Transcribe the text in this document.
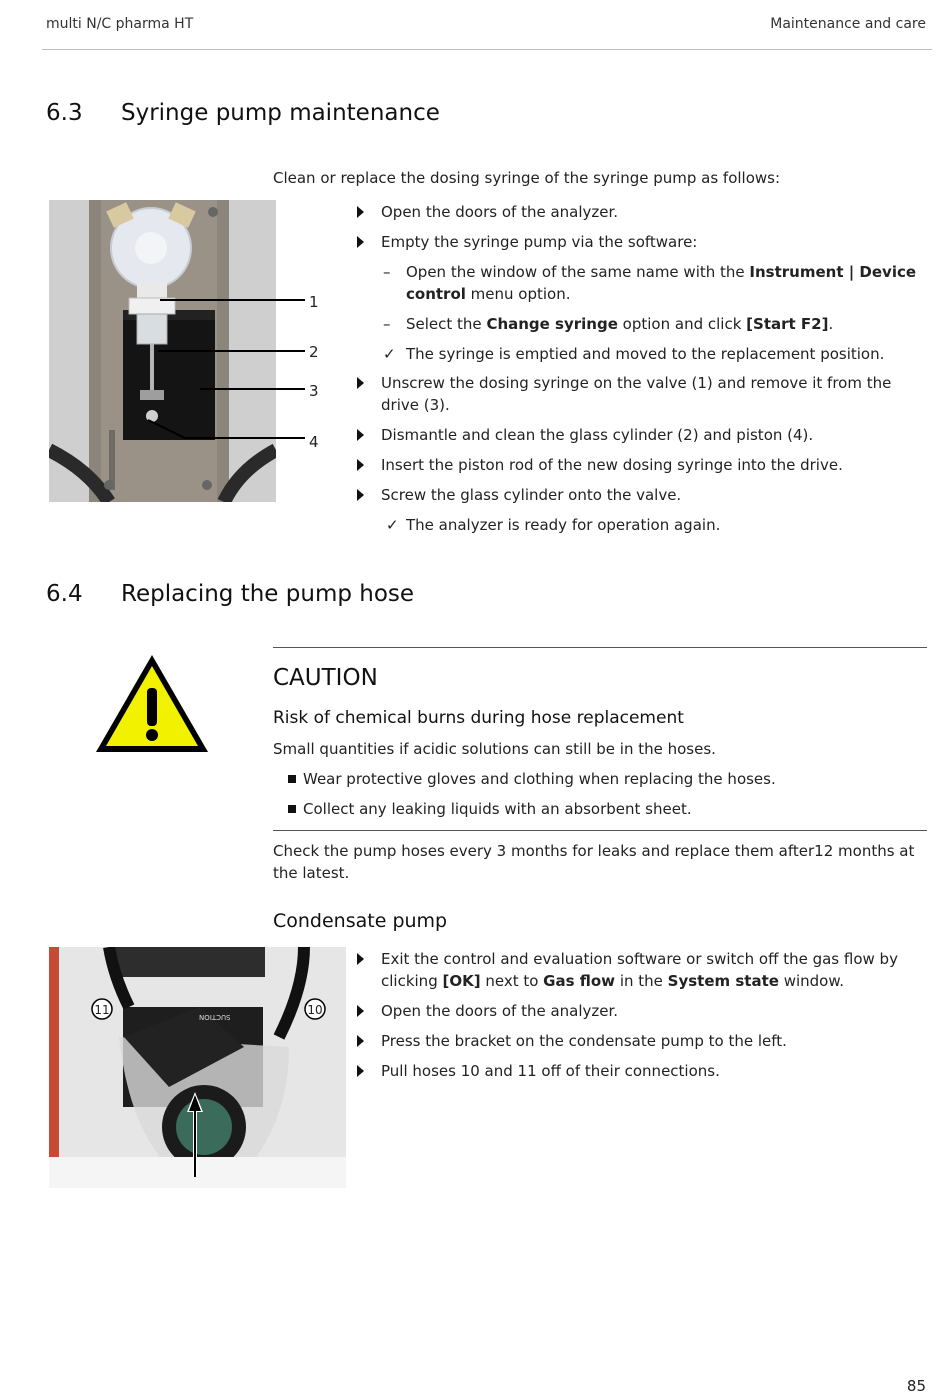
multi N/C pharma HT	Maintenance and care
6.3 Syringe pump maintenance
Clean or replace the dosing syringe of the syringe pump as follows:
1
2
3
4
Open the doors of the analyzer.
Empty the syringe pump via the software:
– Open the window of the same name with the Instrument | Device control menu option.
– Select the Change syringe option and click [Start F2].
✓ The syringe is emptied and moved to the replacement position.
Unscrew the dosing syringe on the valve (1) and remove it from the drive (3).
Dismantle and clean the glass cylinder (2) and piston (4).
Insert the piston rod of the new dosing syringe into the drive.
Screw the glass cylinder onto the valve.
✓ The analyzer is ready for operation again.
6.4 Replacing the pump hose
CAUTION
Risk of chemical burns during hose replacement
Small quantities if acidic solutions can still be in the hoses.
Wear protective gloves and clothing when replacing the hoses.
Collect any leaking liquids with an absorbent sheet.
Check the pump hoses every 3 months for leaks and replace them after12 months at the latest.
Condensate pump
11	10
SUCTION
Exit the control and evaluation software or switch off the gas flow by clicking [OK] next to Gas flow in the System state window.
Open the doors of the analyzer.
Press the bracket on the condensate pump to the left.
Pull hoses 10 and 11 off of their connections.
85
